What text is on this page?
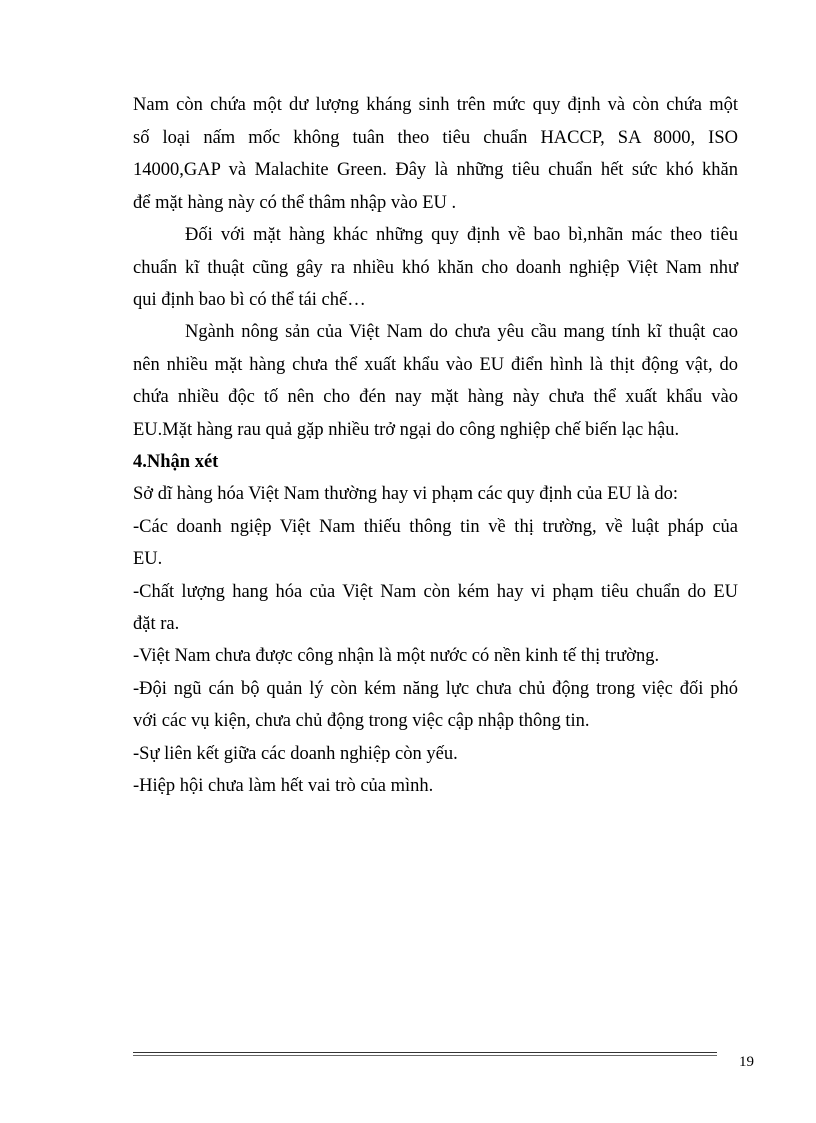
Nam còn chứa một dư lượng kháng sinh trên mức quy định và còn chứa một
số loại nấm mốc không tuân theo tiêu chuẩn HACCP, SA 8000, ISO
14000,GAP và Malachite Green. Đây là những tiêu chuẩn hết sức khó khăn
để mặt hàng này có thể thâm nhập vào EU .
Đối với mặt hàng khác những quy định về bao bì,nhãn mác theo tiêu
chuẩn kĩ thuật cũng gây ra nhiều khó khăn cho doanh nghiệp Việt Nam như
qui định bao bì có thể tái chế…
Ngành nông sản của Việt Nam do chưa yêu cầu mang tính kĩ thuật cao
nên nhiều mặt hàng chưa thể xuất khẩu vào EU điển hình là thịt động vật, do
chứa nhiều độc tố nên cho đén nay mặt hàng này chưa thể xuất khẩu vào
EU.Mặt hàng rau quả gặp nhiều trở ngại do công nghiệp chế biến lạc hậu.
4.Nhận xét
Sở dĩ hàng hóa Việt Nam thường hay vi phạm các quy định của EU là do:
-Các doanh ngiệp Việt Nam thiếu thông tin về thị trường, về luật pháp của
EU.
-Chất lượng hang hóa của Việt Nam còn kém hay vi phạm tiêu chuẩn do EU
đặt ra.
-Việt Nam chưa được công nhận là một nước có nền kinh tế thị trường.
-Đội ngũ cán bộ quản lý còn kém năng lực chưa chủ động trong việc đối phó
với các vụ kiện, chưa chủ động trong việc cập nhập thông tin.
-Sự liên kết giữa các doanh nghiệp còn yếu.
-Hiệp hội chưa làm hết vai trò của mình.
19
